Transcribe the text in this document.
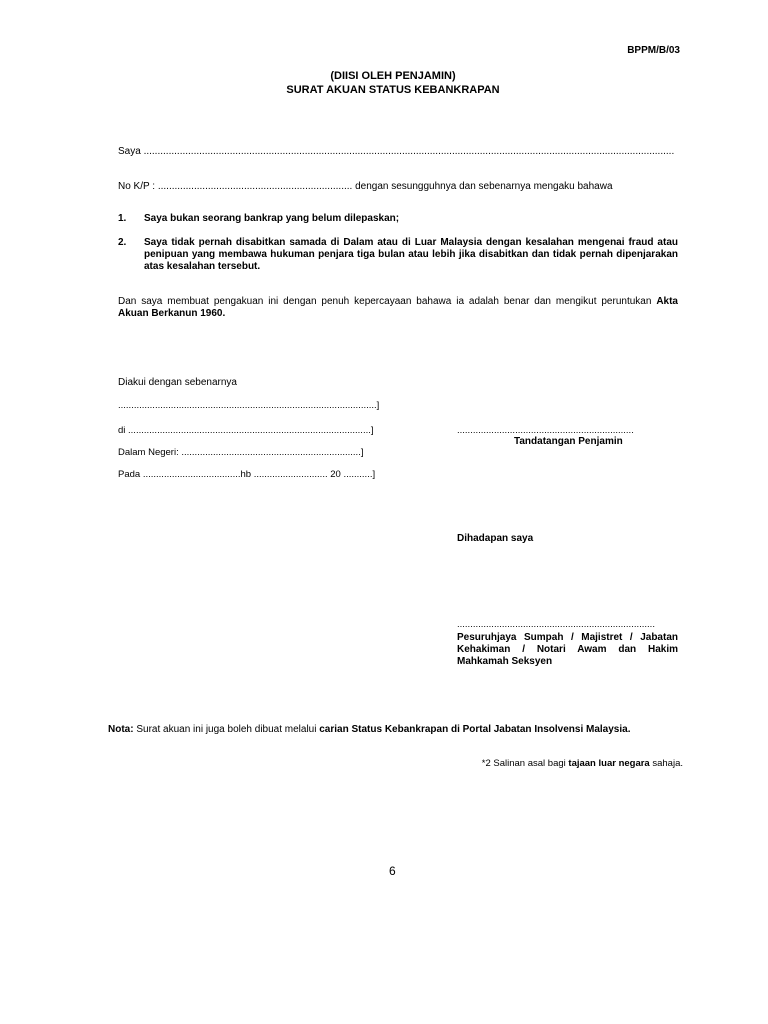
BPPM/B/03
(DIISI OLEH PENJAMIN)
SURAT AKUAN STATUS KEBANKRAPAN
Saya ...............................................................................................................................................................................................
No K/P : ...................................................................... dengan sesungguhnya dan sebenarnya mengaku bahawa
1. Saya bukan seorang bankrap yang belum dilepaskan;
2. Saya tidak pernah disabitkan samada di Dalam atau di Luar Malaysia dengan kesalahan mengenai fraud atau penipuan yang membawa hukuman penjara tiga bulan atau lebih jika disabitkan dan tidak pernah dipenjarakan atas kesalahan tersebut.
Dan saya membuat pengakuan ini dengan penuh kepercayaan bahawa ia adalah benar dan mengikut peruntukan Akta Akuan Berkanun 1960.
Diakui dengan sebenarnya
..................................................................................................]
di ............................................................................................]
Dalam Negeri: ....................................................................]
Pada .....................................hb ............................ 20 ...........]
...................................................................
Tandatangan Penjamin
Dihadapan saya
...........................................................................
Pesuruhjaya Sumpah / Majistret / Jabatan Kehakiman / Notari Awam dan Hakim Mahkamah Seksyen
Nota: Surat akuan ini juga boleh dibuat melalui carian Status Kebankrapan di Portal Jabatan Insolvensi Malaysia.
*2 Salinan asal bagi tajaan luar negara sahaja.
6
